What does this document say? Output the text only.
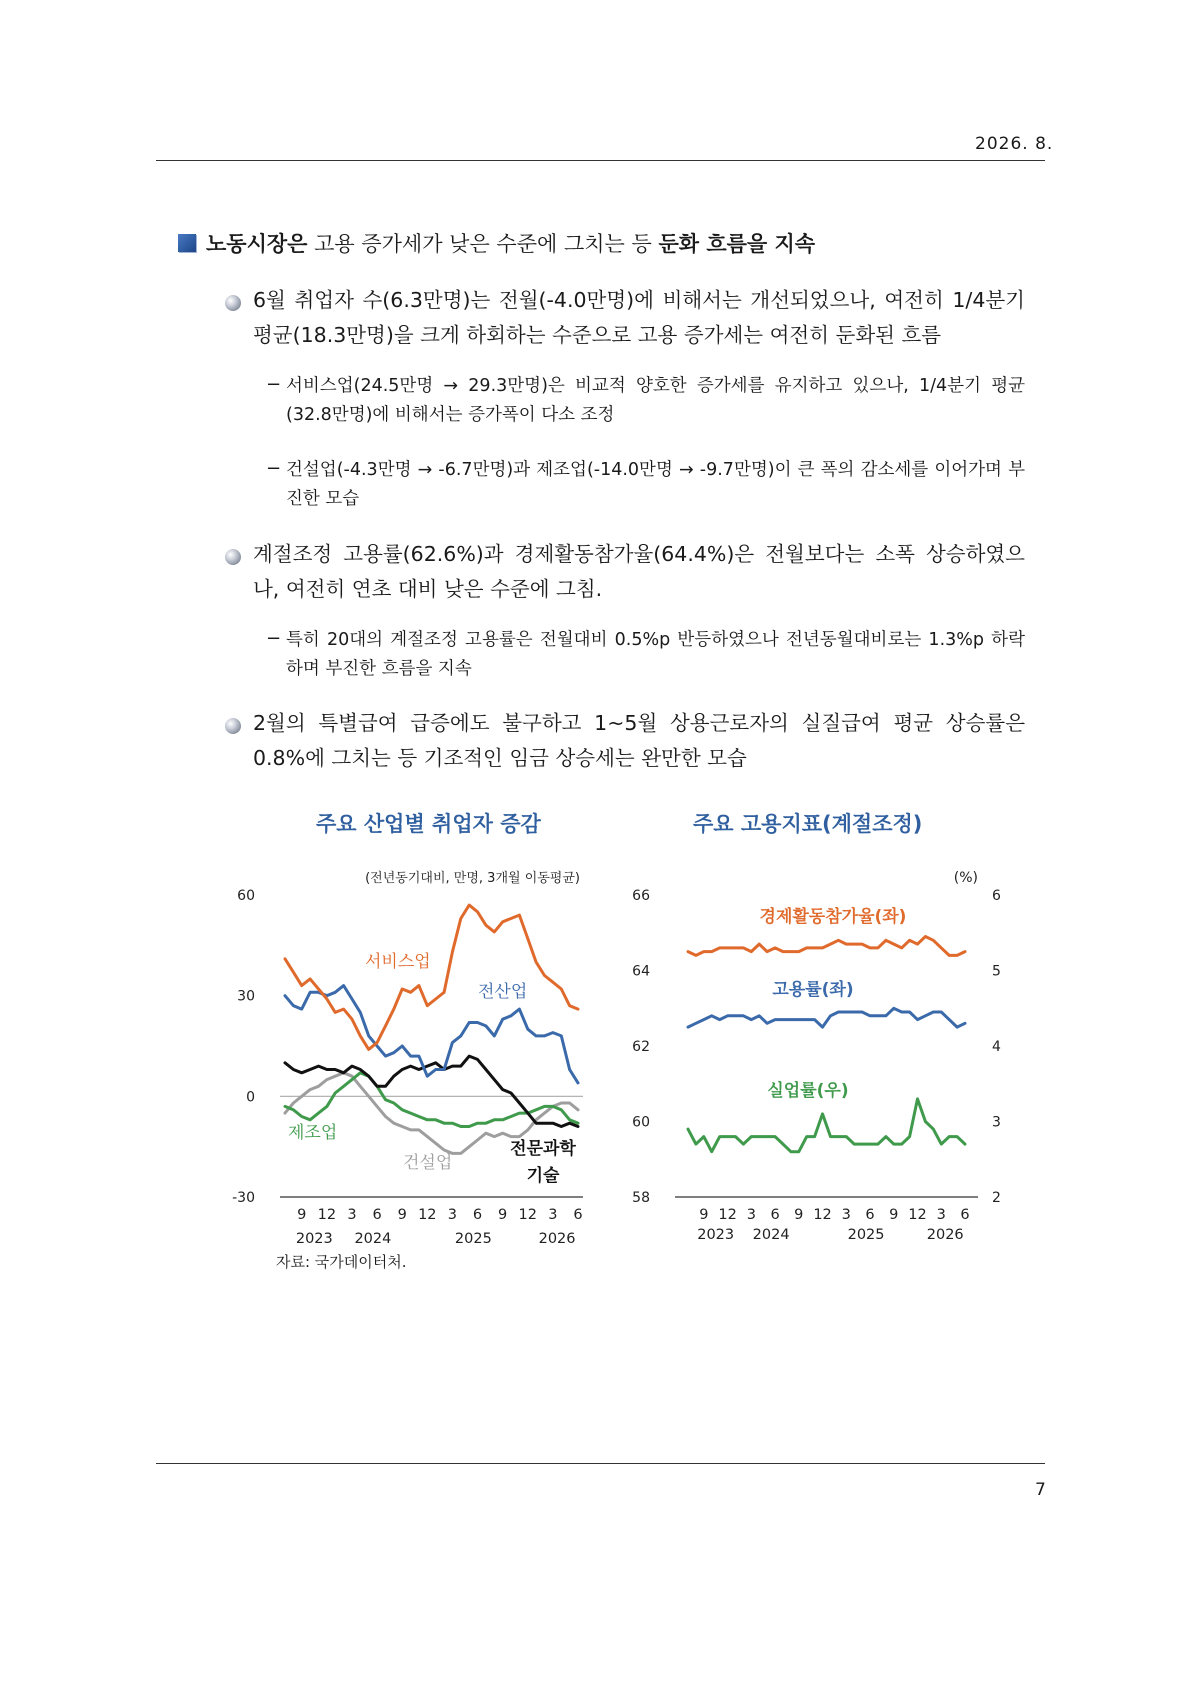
2026. 8.
노동시장은 고용 증가세가 낮은 수준에 그치는 등 둔화 흐름을 지속
6월 취업자 수(6.3만명)는 전월(-4.0만명)에 비해서는 개선되었으나, 여전히 1/4분기 평균(18.3만명)을 크게 하회하는 수준으로 고용 증가세는 여전히 둔화된 흐름
− 서비스업(24.5만명 → 29.3만명)은 비교적 양호한 증가세를 유지하고 있으나, 1/4분기 평균(32.8만명)에 비해서는 증가폭이 다소 조정
− 건설업(-4.3만명 → -6.7만명)과 제조업(-14.0만명 → -9.7만명)이 큰 폭의 감소세를 이어가며 부진한 모습
계절조정 고용률(62.6%)과 경제활동참가율(64.4%)은 전월보다는 소폭 상승하였으나, 여전히 연초 대비 낮은 수준에 그침.
− 특히 20대의 계절조정 고용률은 전월대비 0.5%p 반등하였으나 전년동월대비로는 1.3%p 하락하며 부진한 흐름을 지속
2월의 특별급여 급증에도 불구하고 1~5월 상용근로자의 실질급여 평균 상승률은 0.8%에 그치는 등 기조적인 임금 상승세는 완만한 모습
주요 산업별 취업자 증감	주요 고용지표(계절조정)
60
30
0
-30
(전년동기대비, 만명, 3개월 이동평균)
9 12 3 6 9 12 3 6 9 12 3 6
2023 2024	2025	2026
서비스업
전산업
제조업
건설업
전문과학
기술
66
64
62
60
58
6
5
4
3
2
(%)
9 12 3 6 9 12 3 6 9 12 3 6
2023 2024	2025	2026
경제활동참가율(좌)
고용률(좌)
실업률(우)
자료: 국가데이터처.
7
